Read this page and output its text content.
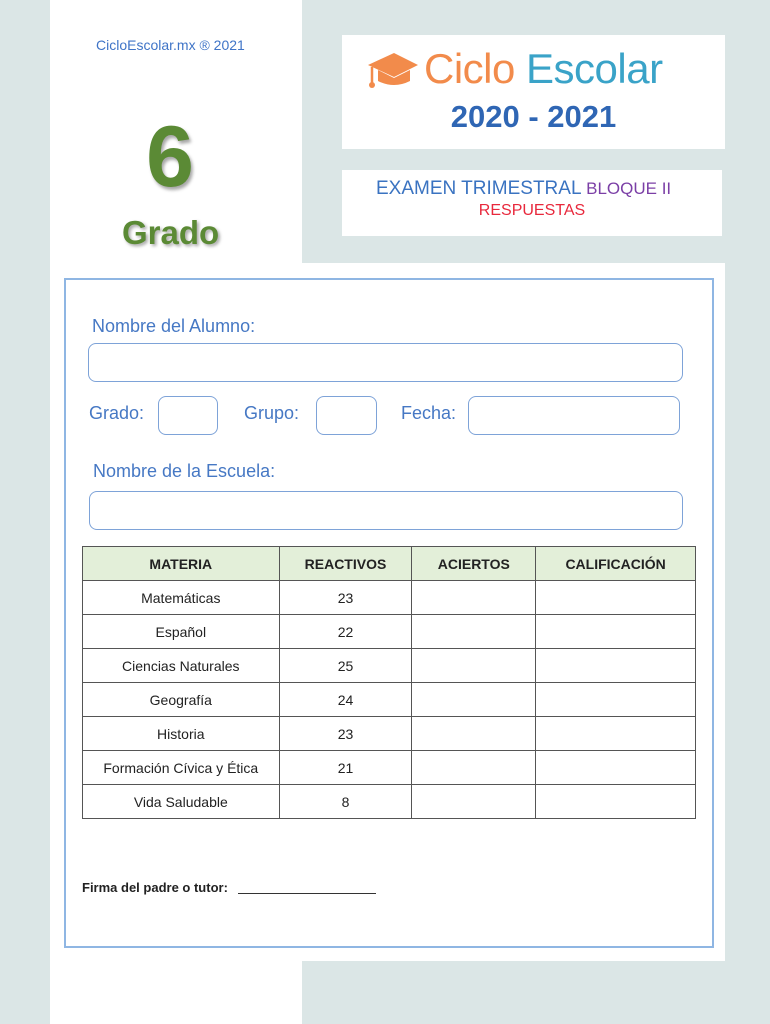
CicloEscolar.mx ® 2021
6
Grado
Ciclo Escolar
2020 - 2021
EXAMEN TRIMESTRAL BLOQUE II
RESPUESTAS
Nombre del Alumno:
Grado:	Grupo:	Fecha:
Nombre de la Escuela:
MATERIA	REACTIVOS	ACIERTOS	CALIFICACIÓN
Matemáticas	23		
Español	22		
Ciencias Naturales	25		
Geografía	24		
Historia	23		
Formación Cívica y Ética	21		
Vida Saludable	8		
Firma del padre o tutor:
